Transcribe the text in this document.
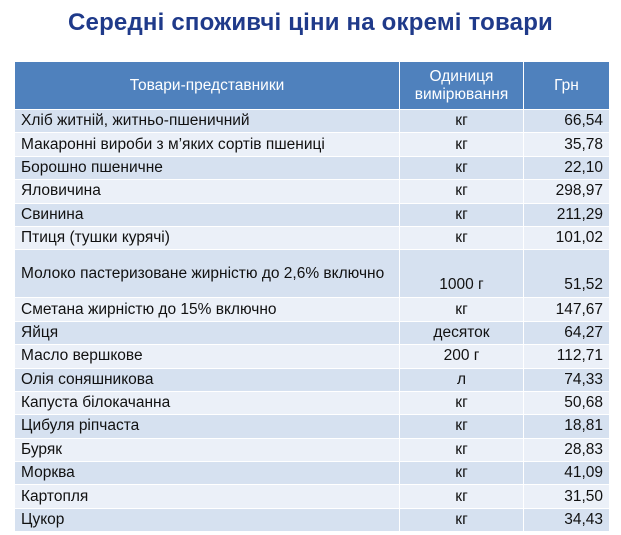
Середні споживчі ціни на окремі товари
Товари-представники	Одиниця вимірювання	Грн
Хліб житній, житньо-пшеничний	кг	66,54
Макаронні вироби з м’яких сортів пшениці	кг	35,78
Борошно пшеничне	кг	22,10
Яловичина	кг	298,97
Свинина	кг	211,29
Птиця (тушки курячі)	кг	101,02
Молоко пастеризоване жирністю до 2,6% включно	1000 г	51,52
Сметана жирністю до 15% включно	кг	147,67
Яйця	десяток	64,27
Масло вершкове	200 г	112,71
Олія соняшникова	л	74,33
Капуста білокачанна	кг	50,68
Цибуля ріпчаста	кг	18,81
Буряк	кг	28,83
Морква	кг	41,09
Картопля	кг	31,50
Цукор	кг	34,43
